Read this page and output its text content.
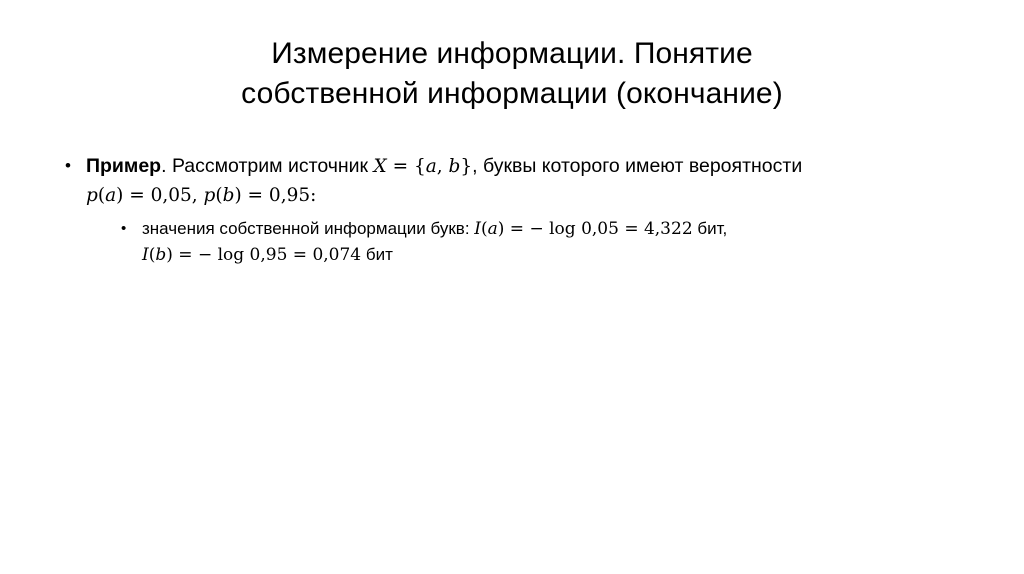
Измерение информации. Понятие
собственной информации (окончание)
• Пример. Рассмотрим источник X = {a, b}, буквы которого имеют вероятности p(a) = 0,05, p(b) = 0,95:
• значения собственной информации букв: I(a) = − log 0,05 = 4,322 бит,
I(b) = − log 0,95 = 0,074 бит
